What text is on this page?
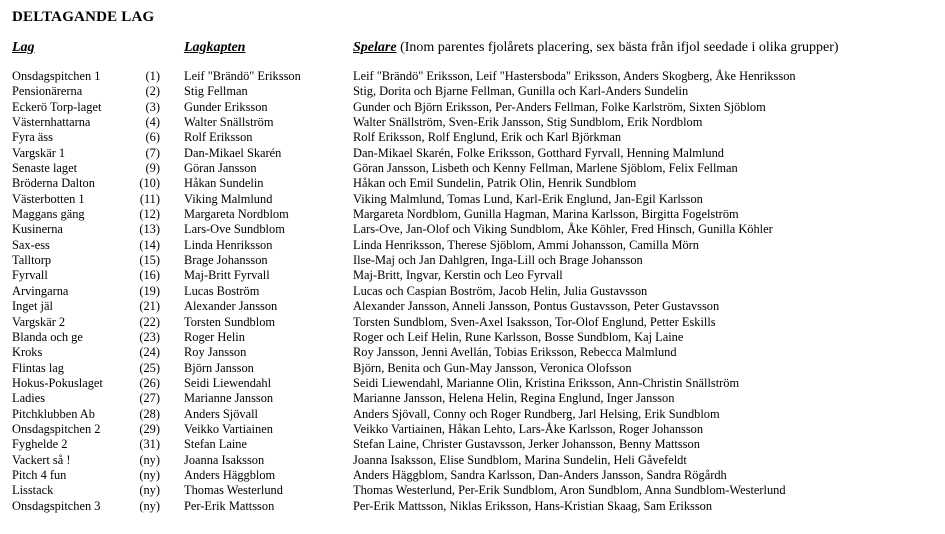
DELTAGANDE LAG
Lag	Lagkapten	Spelare (Inom parentes fjolårets placering, sex bästa från ifjol seedade i olika grupper)
Onsdagspitchen 1	(1) Leif "Brändö" Eriksson	Leif "Brändö" Eriksson, Leif "Hastersboda" Eriksson, Anders Skogberg, Åke Henriksson
Pensionärerna	(2) Stig Fellman	Stig, Dorita och Bjarne Fellman, Gunilla och Karl-Anders Sundelin
Eckerö Torp-laget	(3) Gunder Eriksson	Gunder och Björn Eriksson, Per-Anders Fellman, Folke Karlström, Sixten Sjöblom
Västernhattarna	(4) Walter Snällström	Walter Snällström, Sven-Erik Jansson, Stig Sundblom, Erik Nordblom
Fyra äss	(6) Rolf Eriksson	Rolf Eriksson, Rolf Englund, Erik och Karl Björkman
Vargskär 1	(7) Dan-Mikael Skarén	Dan-Mikael Skarén, Folke Eriksson, Gotthard Fyrvall, Henning Malmlund
Senaste laget	(9) Göran Jansson	Göran Jansson, Lisbeth och Kenny Fellman, Marlene Sjöblom, Felix Fellman
Bröderna Dalton	(10) Håkan Sundelin	Håkan och Emil Sundelin, Patrik Olin, Henrik Sundblom
Västerbotten 1	(11) Viking Malmlund	Viking Malmlund, Tomas Lund, Karl-Erik Englund, Jan-Egil Karlsson
Maggans gäng	(12) Margareta Nordblom	Margareta Nordblom, Gunilla Hagman, Marina Karlsson, Birgitta Fogelström
Kusinerna	(13) Lars-Ove Sundblom	Lars-Ove, Jan-Olof och Viking Sundblom, Åke Köhler, Fred Hinsch, Gunilla Köhler
Sax-ess	(14) Linda Henriksson	Linda Henriksson, Therese Sjöblom, Ammi Johansson, Camilla Mörn
Talltorp	(15) Brage Johansson	Ilse-Maj och Jan Dahlgren, Inga-Lill och Brage Johansson
Fyrvall	(16) Maj-Britt Fyrvall	Maj-Britt, Ingvar, Kerstin och Leo Fyrvall
Arvingarna	(19) Lucas Boström	Lucas och Caspian Boström, Jacob Helin, Julia Gustavsson
Inget jäl	(21) Alexander Jansson	Alexander Jansson, Anneli Jansson, Pontus Gustavsson, Peter Gustavsson
Vargskär 2	(22) Torsten Sundblom	Torsten Sundblom, Sven-Axel Isaksson, Tor-Olof Englund, Petter Eskills
Blanda och ge	(23) Roger Helin	Roger och Leif Helin, Rune Karlsson, Bosse Sundblom, Kaj Laine
Kroks	(24) Roy Jansson	Roy Jansson, Jenni Avellán, Tobias Eriksson, Rebecca Malmlund
Flintas lag	(25) Björn Jansson	Björn, Benita och Gun-May Jansson, Veronica Olofsson
Hokus-Pokuslaget	(26) Seidi Liewendahl	Seidi Liewendahl, Marianne Olin, Kristina Eriksson, Ann-Christin Snällström
Ladies	(27) Marianne Jansson	Marianne Jansson, Helena Helin, Regina Englund, Inger Jansson
Pitchklubben Ab	(28) Anders Sjövall	Anders Sjövall, Conny och Roger Rundberg, Jarl Helsing, Erik Sundblom
Onsdagspitchen 2	(29) Veikko Vartiainen	Veikko Vartiainen, Håkan Lehto, Lars-Åke Karlsson, Roger Johansson
Fyghelde 2	(31) Stefan Laine	Stefan Laine, Christer Gustavsson, Jerker Johansson, Benny Mattsson
Vackert så !	(ny) Joanna Isaksson	Joanna Isaksson, Elise Sundblom, Marina Sundelin, Heli Gåvefeldt
Pitch 4 fun	(ny) Anders Häggblom	Anders Häggblom, Sandra Karlsson, Dan-Anders Jansson, Sandra Rögårdh
Lisstack	(ny) Thomas Westerlund	Thomas Westerlund, Per-Erik Sundblom, Aron Sundblom, Anna Sundblom-Westerlund
Onsdagspitchen 3	(ny) Per-Erik Mattsson	Per-Erik Mattsson, Niklas Eriksson, Hans-Kristian Skaag, Sam Eriksson
